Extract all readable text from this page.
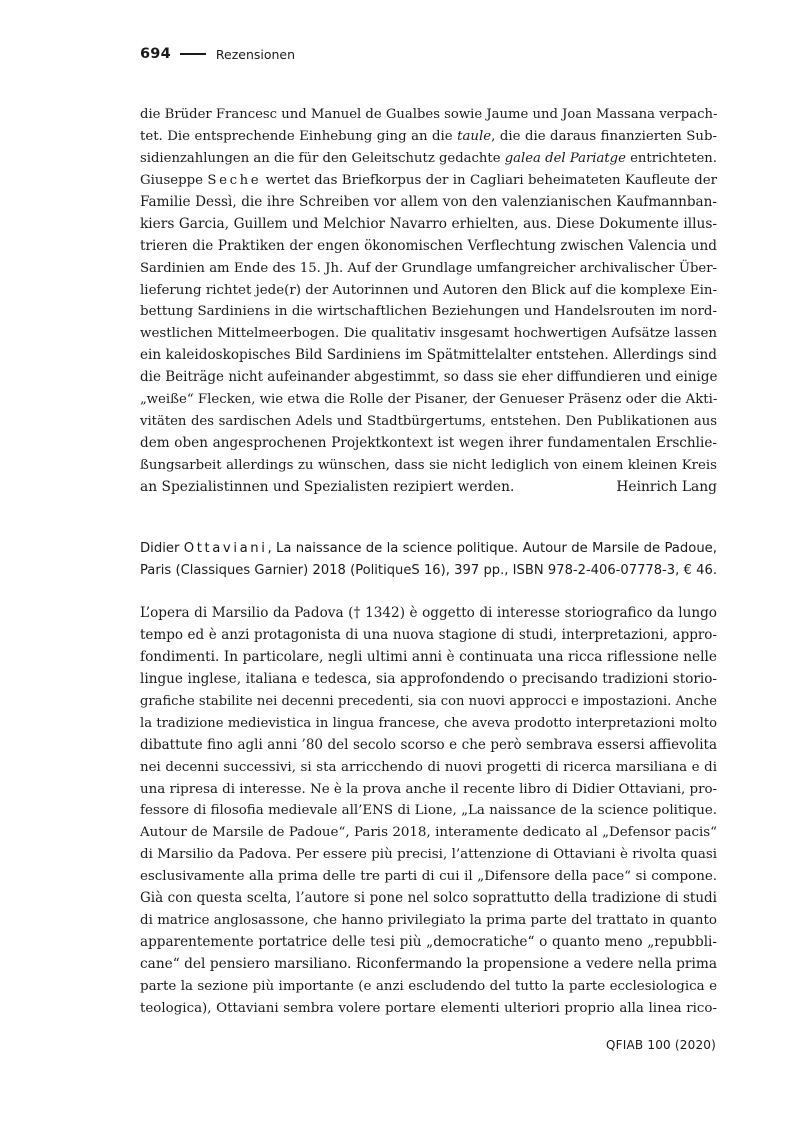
694	Rezensionen
die Brüder Francesc und Manuel de Gualbes sowie Jaume und Joan Massana verpach-
tet. Die entsprechende Einhebung ging an die taule, die die daraus finanzierten Sub-
sidienzahlungen an die für den Geleitschutz gedachte galea del Pariatge entrichteten.
Giuseppe Seche wertet das Briefkorpus der in Cagliari beheimateten Kaufleute der
Familie Dessì, die ihre Schreiben vor allem von den valenzianischen Kaufmannban-
kiers Garcia, Guillem und Melchior Navarro erhielten, aus. Diese Dokumente illus-
trieren die Praktiken der engen ökonomischen Verflechtung zwischen Valencia und
Sardinien am Ende des 15. Jh. Auf der Grundlage umfangreicher archivalischer Über-
lieferung richtet jede(r) der Autorinnen und Autoren den Blick auf die komplexe Ein-
bettung Sardiniens in die wirtschaftlichen Beziehungen und Handelsrouten im nord-
westlichen Mittelmeerbogen. Die qualitativ insgesamt hochwertigen Aufsätze lassen
ein kaleidoskopisches Bild Sardiniens im Spätmittelalter entstehen. Allerdings sind
die Beiträge nicht aufeinander abgestimmt, so dass sie eher diffundieren und einige
„weiße“ Flecken, wie etwa die Rolle der Pisaner, der Genueser Präsenz oder die Akti-
vitäten des sardischen Adels und Stadtbürgertums, entstehen. Den Publikationen aus
dem oben angesprochenen Projektkontext ist wegen ihrer fundamentalen Erschlie-
ßungsarbeit allerdings zu wünschen, dass sie nicht lediglich von einem kleinen Kreis
an Spezialistinnen und Spezialisten rezipiert werden.	Heinrich Lang
Didier Ottaviani, La naissance de la science politique. Autour de Marsile de Padoue,
Paris (Classiques Garnier) 2018 (PolitiqueS 16), 397 pp., ISBN 978-2-406-07778-3, € 46.
L’opera di Marsilio da Padova († 1342) è oggetto di interesse storiografico da lungo
tempo ed è anzi protagonista di una nuova stagione di studi, interpretazioni, appro-
fondimenti. In particolare, negli ultimi anni è continuata una ricca riflessione nelle
lingue inglese, italiana e tedesca, sia approfondendo o precisando tradizioni storio-
grafiche stabilite nei decenni precedenti, sia con nuovi approcci e impostazioni. Anche
la tradizione medievistica in lingua francese, che aveva prodotto interpretazioni molto
dibattute fino agli anni ’80 del secolo scorso e che però sembrava essersi affievolita
nei decenni successivi, si sta arricchendo di nuovi progetti di ricerca marsiliana e di
una ripresa di interesse. Ne è la prova anche il recente libro di Didier Ottaviani, pro-
fessore di filosofia medievale all’ENS di Lione, „La naissance de la science politique.
Autour de Marsile de Padoue“, Paris 2018, interamente dedicato al „Defensor pacis“
di Marsilio da Padova. Per essere più precisi, l’attenzione di Ottaviani è rivolta quasi
esclusivamente alla prima delle tre parti di cui il „Difensore della pace“ si compone.
Già con questa scelta, l’autore si pone nel solco soprattutto della tradizione di studi
di matrice anglosassone, che hanno privilegiato la prima parte del trattato in quanto
apparentemente portatrice delle tesi più „democratiche“ o quanto meno „repubbli-
cane“ del pensiero marsiliano. Riconfermando la propensione a vedere nella prima
parte la sezione più importante (e anzi escludendo del tutto la parte ecclesiologica e
teologica), Ottaviani sembra volere portare elementi ulteriori proprio alla linea rico-
QFIAB 100 (2020)
